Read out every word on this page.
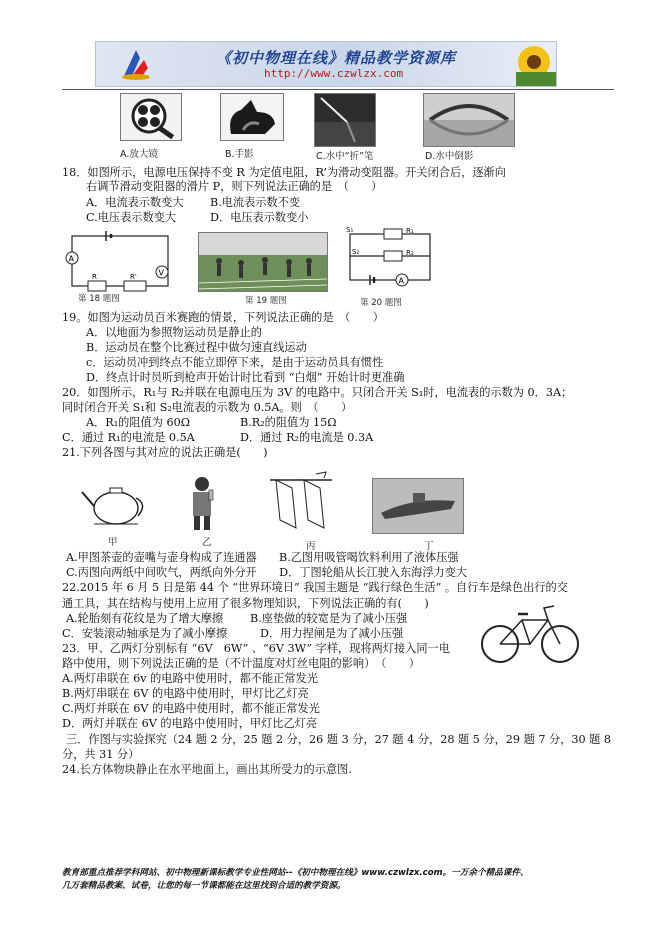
《初中物理在线》精品教学资源库
http://www.czwlzx.com
A.放大镜	B.手影	C.水中“折”笔	D.水中倒影
18．如图所示，电源电压保持不变 R 为定值电阻，R’为滑动变阻器。开关闭合后，逐渐向
右调节滑动变阻器的滑片 P，则下列说法正确的是　（　　）
A．电流表示数变大 B.电流表示数不变
C.电压表示数变大	D．电压表示数变小
A
R	R'	V
第 18 题图	第 19 题图
S₁
S₂
R₁
R₂
A
第 20 题图
19。如图为运动员百米赛跑的情景，下列说法正确的是　（　　）
A．以地面为参照物运动员是静止的
B．运动员在整个比赛过程中做匀速直线运动
c．运动员冲到终点不能立即停下来，是由于运动员具有惯性
D．终点计时员听到枪声开始计时比看到 “白烟” 开始计时更准确
20．如图所示，R₁与 R₂并联在电源电压为 3V 的电路中。只闭合开关 S₁时，电流表的示数为 0．3A；
同时闭合开关 S₁和 S₂电流表的示数为 0.5A。则　（　　）
A．R₁的阻值为 60Ω	B.R₂的阻值为 15Ω
C．通过 R₁的电流是 0.5A	D．通过 R₂的电流是 0.3A
21.下列各图与其对应的说法正确是(　　)
甲	乙	丙	丁
A.甲图茶壶的壶嘴与壶身构成了连通器　　B.乙图用吸管喝饮料利用了液体压强
C.丙图向两纸中间吹气，两纸向外分开　　D．丁图轮船从长江驶入东海浮力变大
22.2015 年 6 月 5 日是第 44 个 “世界环境日” 我国主题是 “践行绿色生活” 。自行车是绿色出行的交
通工具，其在结构与使用上应用了很多物理知识，下列说法正确的有(　　)
A.轮胎刻有花纹是为了增大摩擦 B.座垫做的较宽是为了减小压强
C．安装滚动轴承是为了减小摩擦	D．用力捏闸是为了减小压强
23．甲、乙两灯分别标有 “6V　6W” 、“6V 3W” 字样，现将两灯接入同一电
路中使用，则下列说法正确的是（不计温度对灯丝电阻的影响）　（　　）
A.两灯串联在 6v 的电路中使用时，都不能正常发光
B.两灯串联在 6V 的电路中使用时，甲灯比乙灯亮
C.两灯并联在 6V 的电路中使用时，都不能正常发光
D．两灯并联在 6V 的电路中使用时，甲灯比乙灯亮
三．作图与实验探究（24 题 2 分，25 题 2 分，26 题 3 分，27 题 4 分，28 题 5 分，29 题 7 分，30 题 8
分，共 31 分）
24.长方体物块静止在水平地面上，画出其所受力的示意图.
教育部重点推荐学科网站、初中物理新课标教学专业性网站--《初中物理在线》www.czwlzx.com。一万余个精品课件、
几万套精品教案、试卷，让您的每一节课都能在这里找到合适的教学资源。
